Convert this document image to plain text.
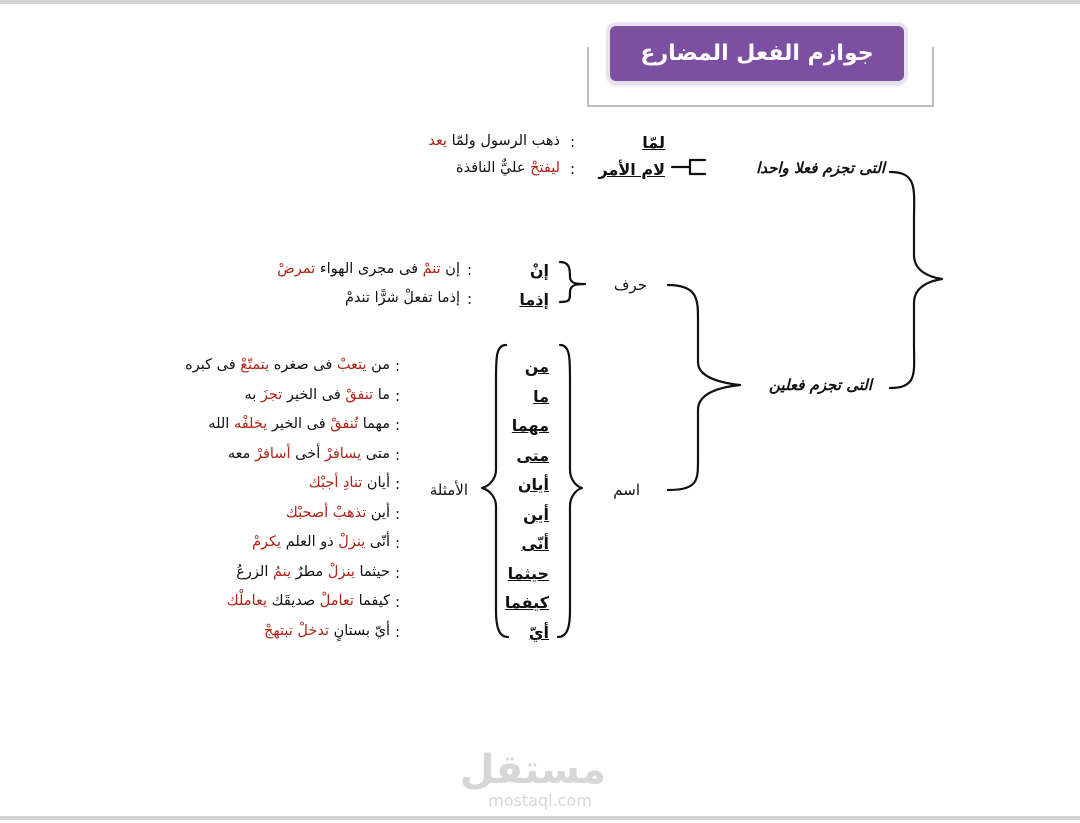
جوازم الفعل المضارع
التى تجزم فعلا واحدا
التى تجزم فعلين
حرف
اسم
الأمثلة
لمّا
:
ذهب الرسول ولمّا يعد
لام الأمر
:
ليفتحْ عليٌّ النافذة
إنْ
:
إن تنمْ فى مجرى الهواء تمرضْ
إذما
:
إذما تفعلْ شرًّا تندمْ
من
:
من يتعبْ فى صغره يتمتّعْ فى كبره
ما
:
ما تنفقْ فى الخير تجزَ به
مهما
:
مهما تُنفقْ فى الخير يخلفْه الله
متى
:
متى يسافرْ أخى أسافرْ معه
أيان
:
أيان تنادِ أجبْك
أين
:
أين تذهبْ أصحبْك
أنّى
:
أنّى ينزلْ ذو العلم يكرمْ
حيثما
:
حيثما ينزلْ مطرٌ ينمُ الزرعُ
كيفما
:
كيفما تعاملْ صديقَك يعاملْك
أيّ
:
أيّ بستانٍ تدخلْ تبتهجْ
مستقل
mostaql.com
